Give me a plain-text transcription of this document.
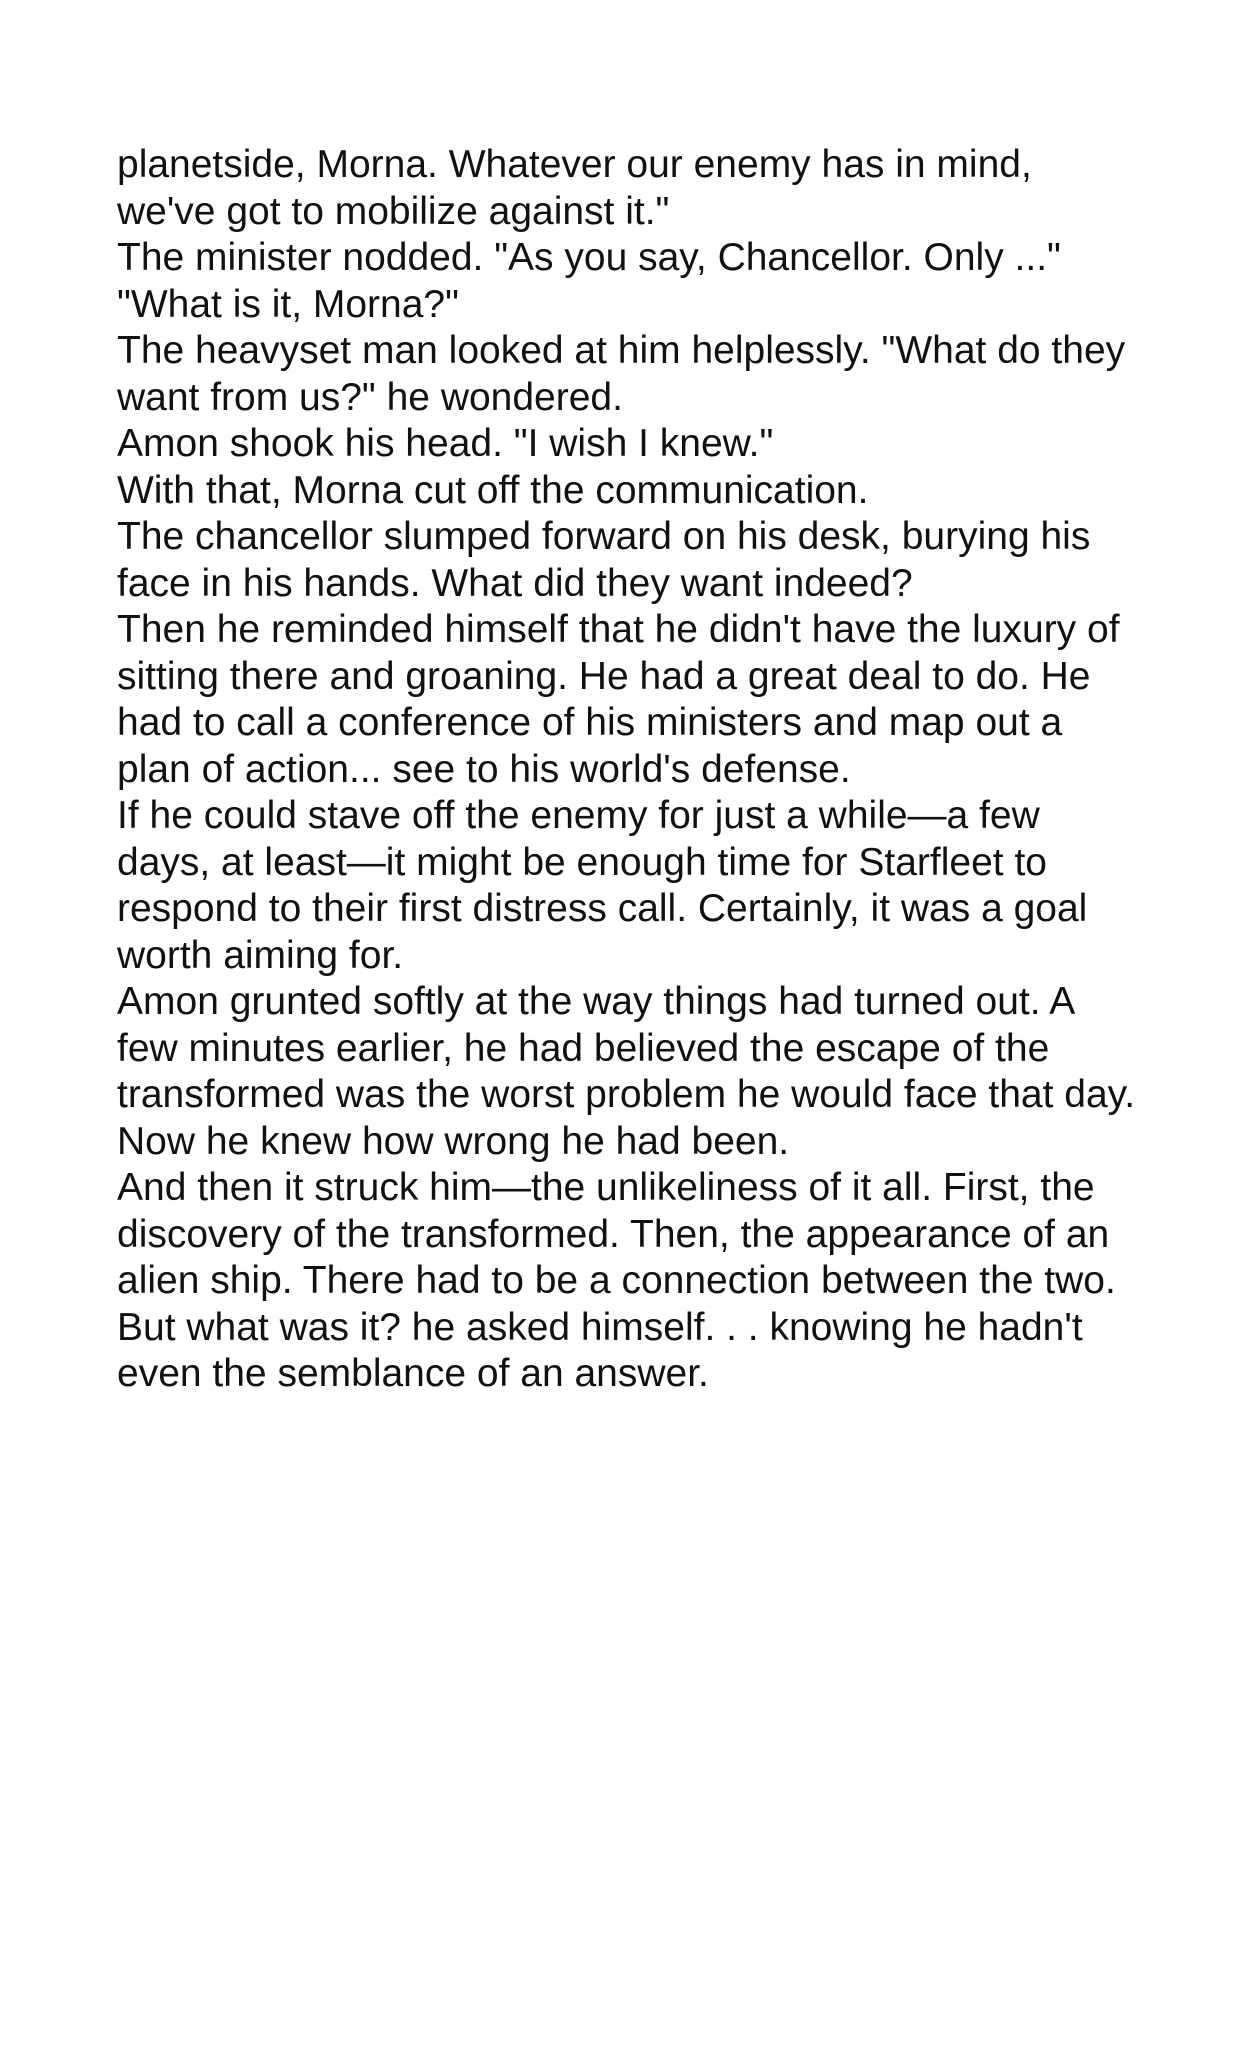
planetside, Morna. Whatever our enemy has in mind, we've got to mobilize against it."

The minister nodded. "As you say, Chancellor. Only ..."

"What is it, Morna?"

The heavyset man looked at him helplessly. "What do they want from us?" he wondered.

Amon shook his head. "I wish I knew."

With that, Morna cut off the communication.

The chancellor slumped forward on his desk, burying his face in his hands. What did they want indeed?

Then he reminded himself that he didn't have the luxury of sitting there and groaning. He had a great deal to do. He had to call a conference of his ministers and map out a plan of action... see to his world's defense.

If he could stave off the enemy for just a while—a few days, at least—it might be enough time for Starfleet to respond to their first distress call. Certainly, it was a goal worth aiming for.

Amon grunted softly at the way things had turned out. A few minutes earlier, he had believed the escape of the transformed was the worst problem he would face that day. Now he knew how wrong he had been.

And then it struck him—the unlikeliness of it all. First, the discovery of the transformed. Then, the appearance of an alien ship. There had to be a connection between the two.

But what was it? he asked himself. . . knowing he hadn't even the semblance of an answer.
